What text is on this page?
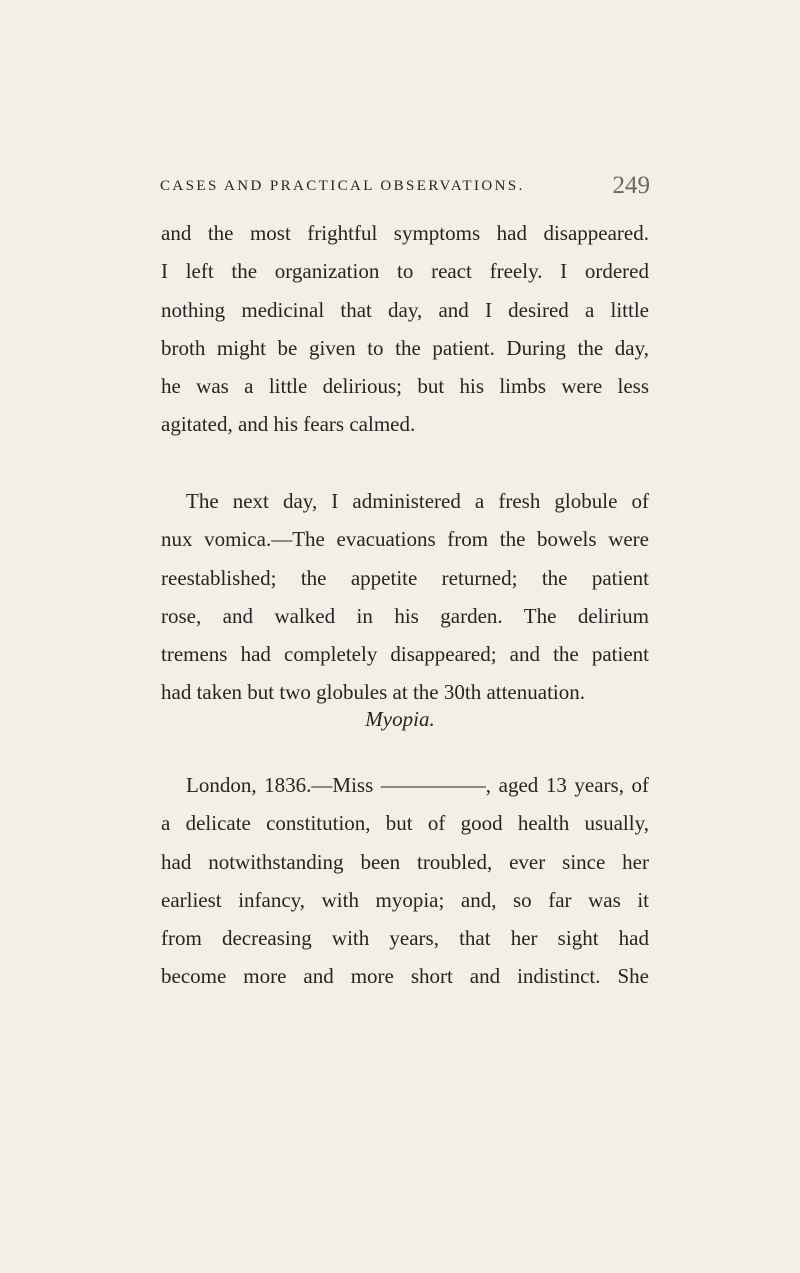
CASES AND PRACTICAL OBSERVATIONS.	249
and the most frightful symptoms had disappeared.
I left the organization to react freely. I ordered
nothing medicinal that day, and I desired a little
broth might be given to the patient. During the day,
he was a little delirious; but his limbs were less
agitated, and his fears calmed.
The next day, I administered a fresh globule of
nux vomica.—The evacuations from the bowels were
reestablished; the appetite returned; the patient
rose, and walked in his garden. The delirium
tremens had completely disappeared; and the patient
had taken but two globules at the 30th attenuation.
Myopia.
London, 1836.—Miss —————, aged 13 years, of
a delicate constitution, but of good health usually,
had notwithstanding been troubled, ever since her
earliest infancy, with myopia; and, so far was it
from decreasing with years, that her sight had
become more and more short and indistinct. She
